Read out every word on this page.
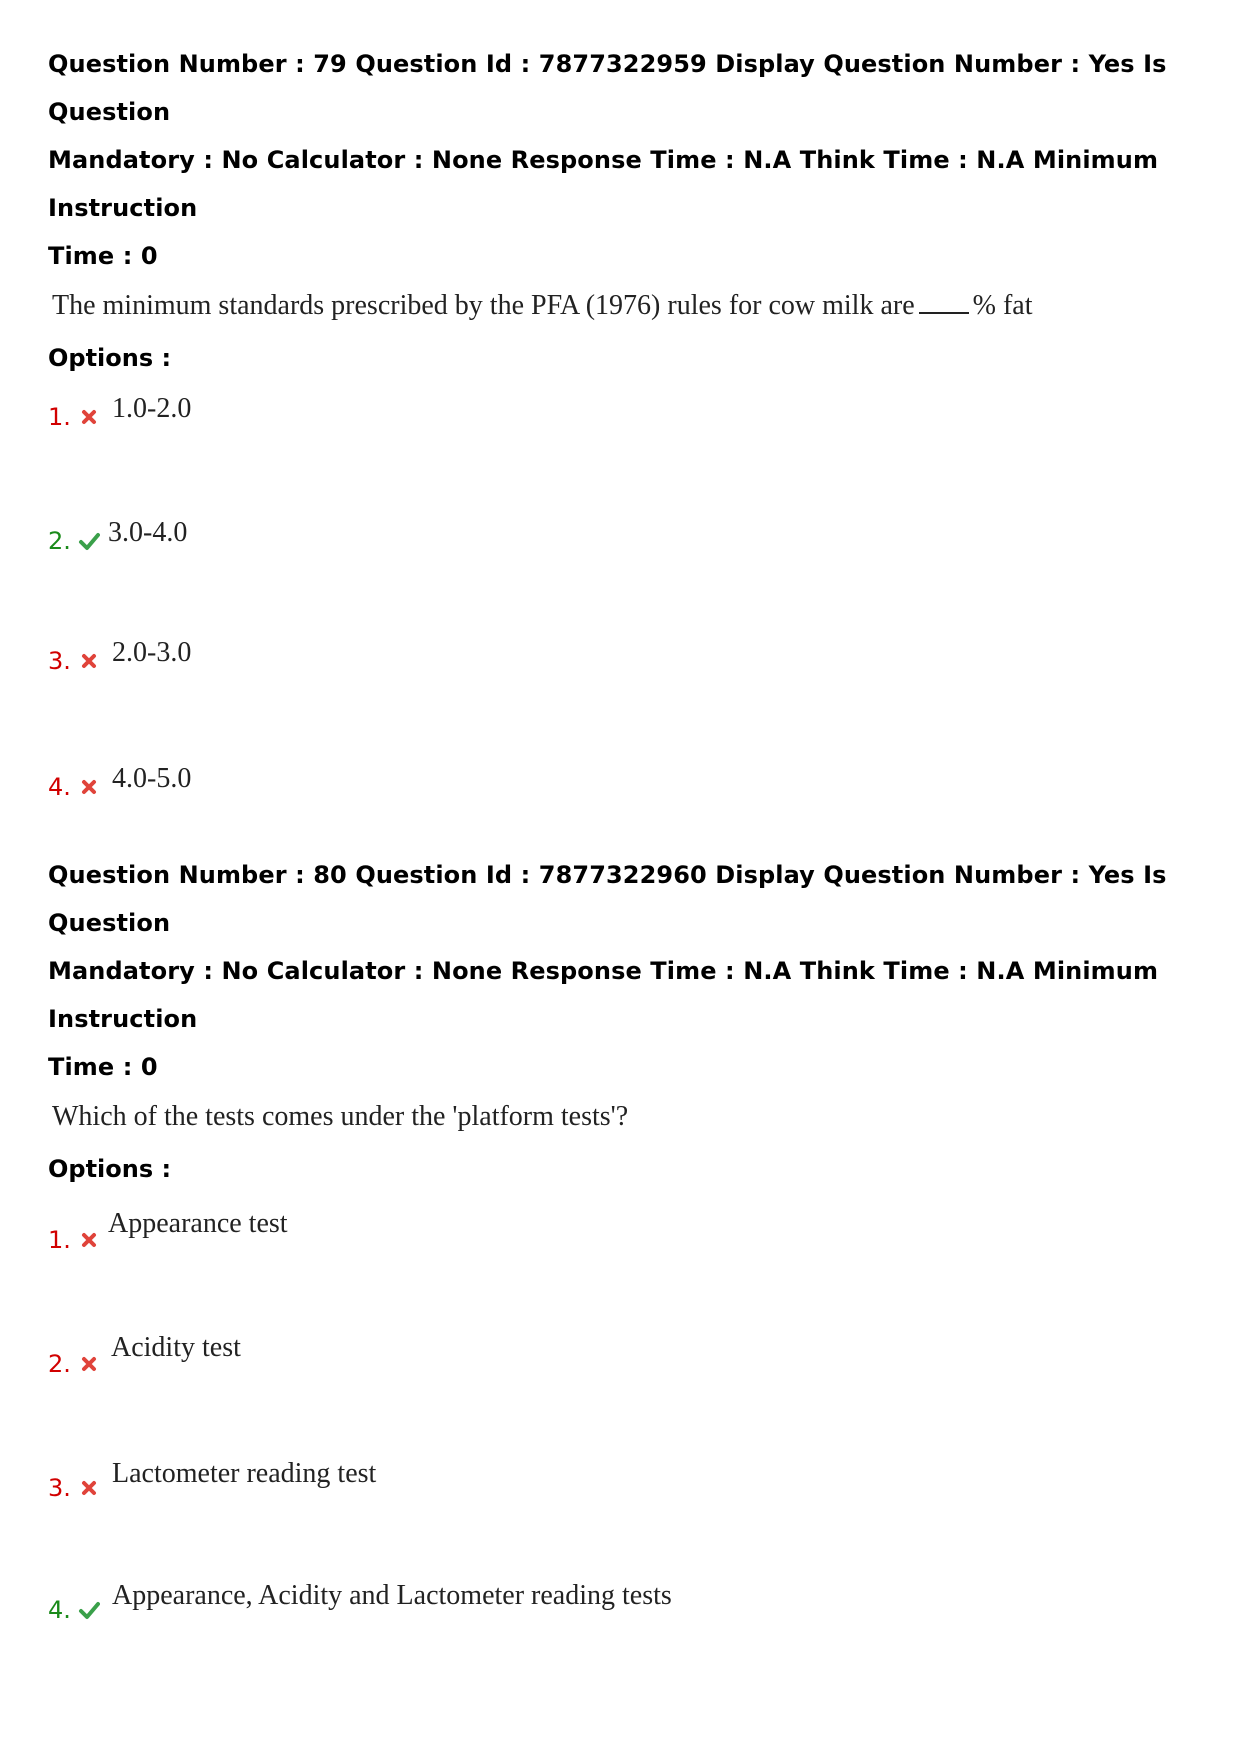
Question Number : 79 Question Id : 7877322959 Display Question Number : Yes Is Question

Mandatory : No Calculator : None Response Time : N.A Think Time : N.A Minimum Instruction

Time : 0

The minimum standards prescribed by the PFA (1976) rules for cow milk are % fat

Options :

1. 1.0-2.0
2. 3.0-4.0
3. 2.0-3.0
4. 4.0-5.0

Question Number : 80 Question Id : 7877322960 Display Question Number : Yes Is Question

Mandatory : No Calculator : None Response Time : N.A Think Time : N.A Minimum Instruction

Time : 0

Which of the tests comes under the 'platform tests'?

Options :

1.
Appearance test
2.
Acidity test
3. Lactometer reading test
4. Appearance, Acidity and Lactometer reading tests
